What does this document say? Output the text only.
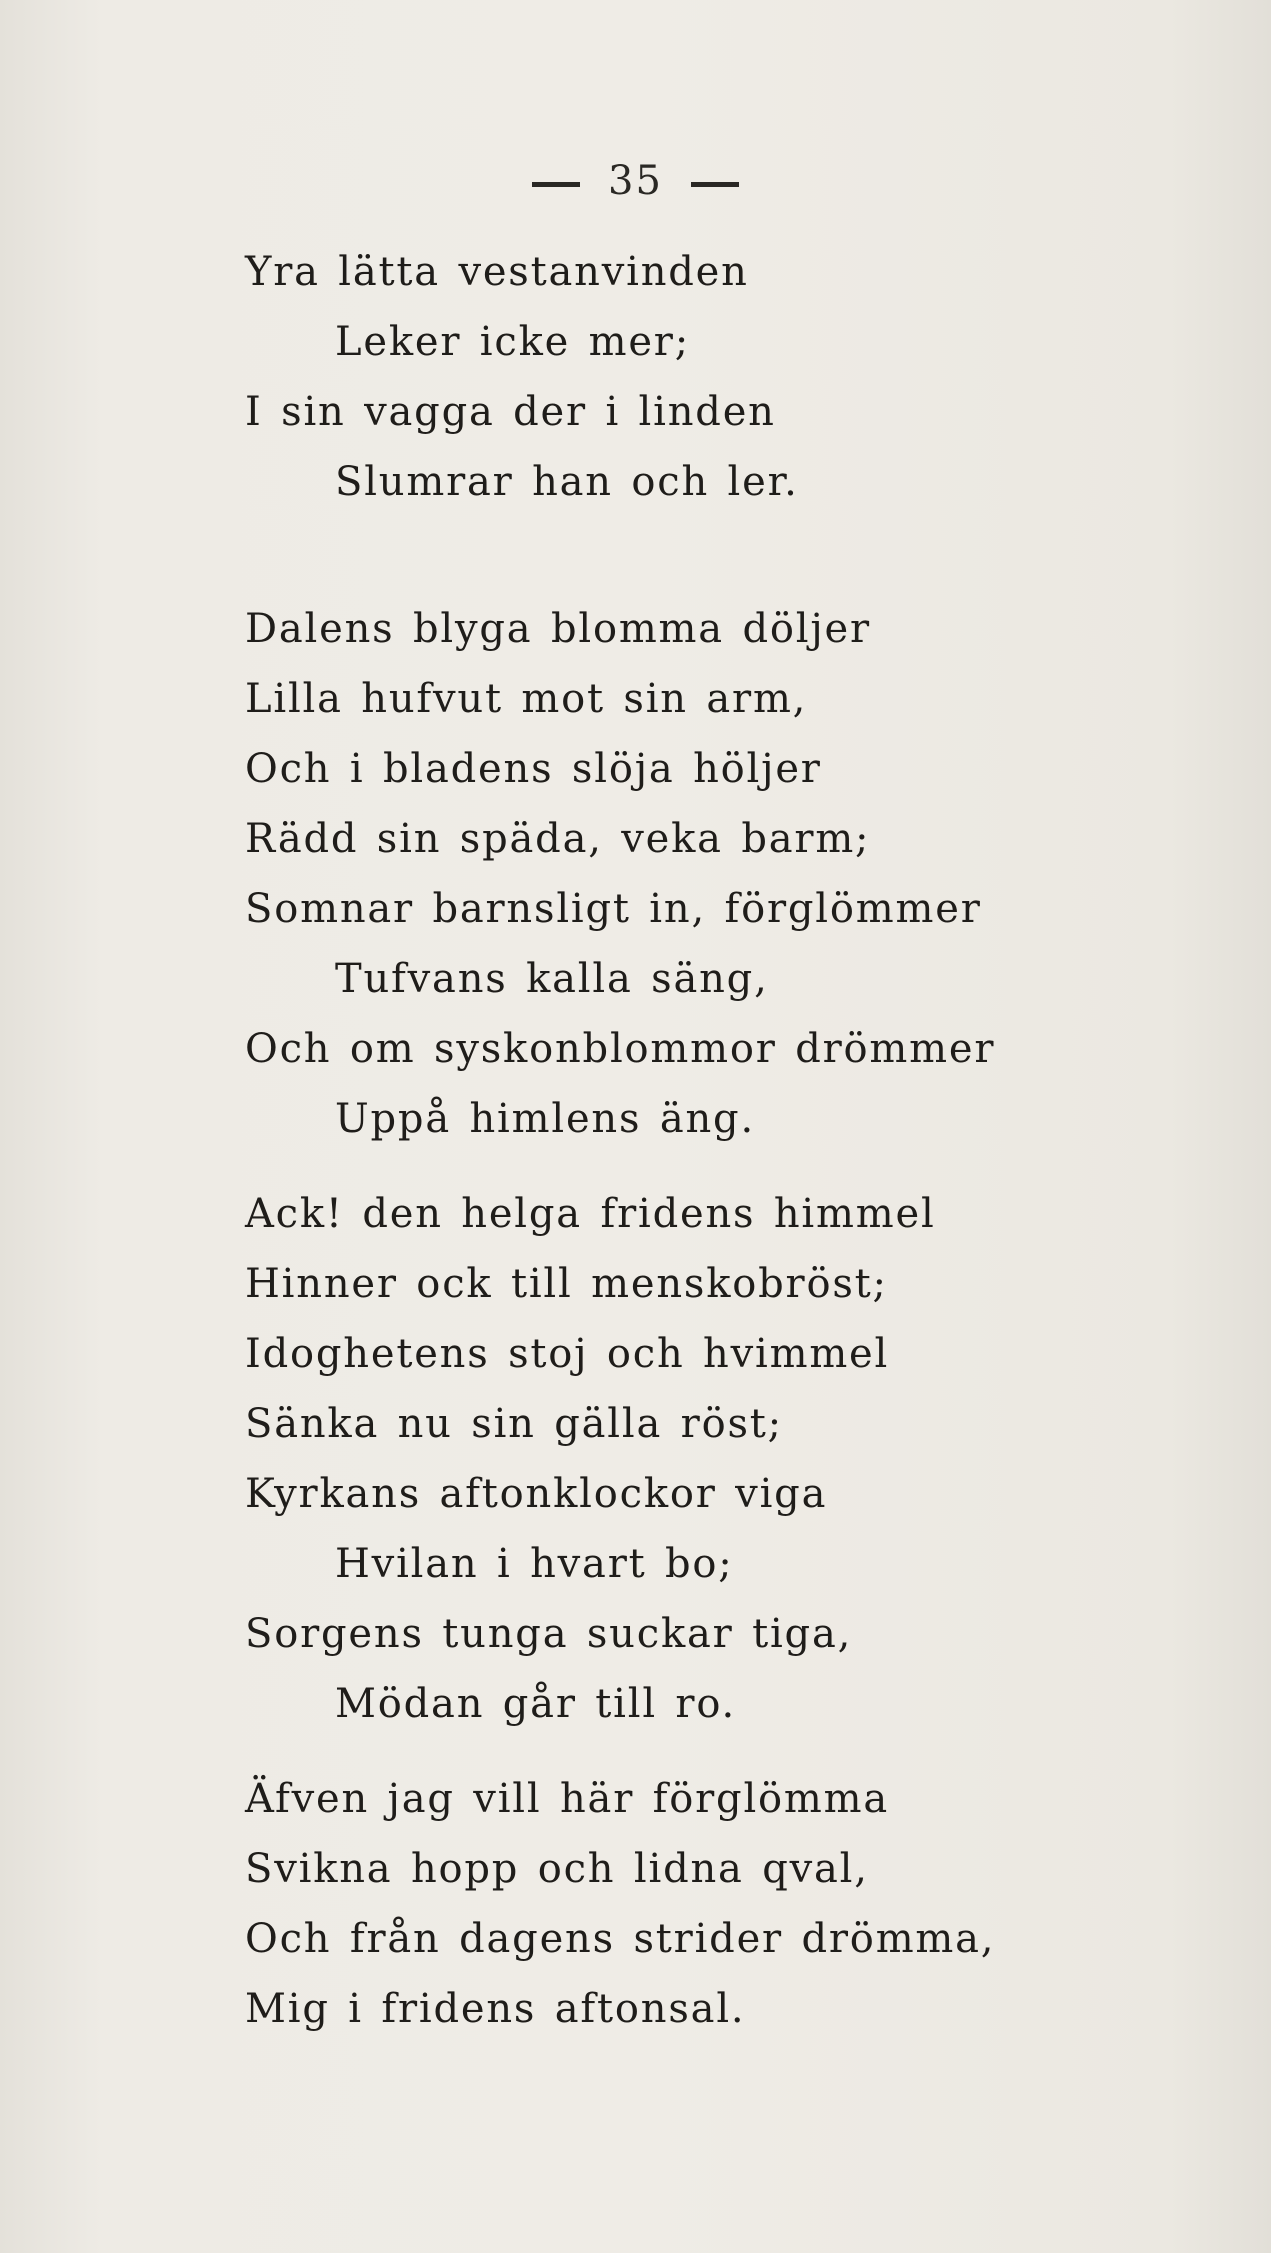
35
Yra lätta vestanvinden
Leker icke mer;
I sin vagga der i linden
Slumrar han och ler.
Dalens blyga blomma döljer
Lilla hufvut mot sin arm,
Och i bladens slöja höljer
Rädd sin späda, veka barm;
Somnar barnsligt in, förglömmer
Tufvans kalla säng,
Och om syskonblommor drömmer
Uppå himlens äng.
Ack! den helga fridens himmel
Hinner ock till menskobröst;
Idoghetens stoj och hvimmel
Sänka nu sin gälla röst;
Kyrkans aftonklockor viga
Hvilan i hvart bo;
Sorgens tunga suckar tiga,
Mödan går till ro.
Äfven jag vill här förglömma
Svikna hopp och lidna qval,
Och från dagens strider drömma,
Mig i fridens aftonsal.
